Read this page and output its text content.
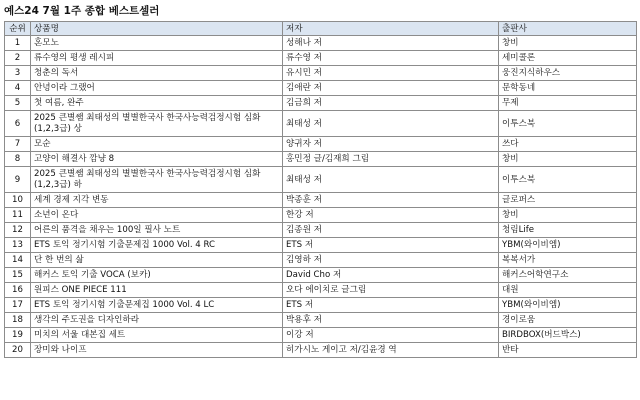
예스24 7월 1주 종합 베스트셀러
순위	상품명	저자	출판사
1	혼모노	성해나 저	창비
2	류수영의 평생 레시피	류수영 저	세미콜론
3	청춘의 독서	유시민 저	웅진지식하우스
4	안녕이라 그랬어	김애란 저	문학동네
5	첫 여름, 완주	김금희 저	무제
6	2025 큰별쌤 최태성의 별별한국사 한국사능력검정시험 심화(1,2,3급) 상	최태성 저	이투스북
7	모순	양귀자 저	쓰다
8	고양이 해결사 깜냥 8	홍민정 글/김재희 그림	창비
9	2025 큰별쌤 최태성의 별별한국사 한국사능력검정시험 심화(1,2,3급) 하	최태성 저	이투스북
10	세계 경제 지각 변동	박종훈 저	글로퍼스
11	소년이 온다	한강 저	창비
12	어른의 품격을 채우는 100일 필사 노트	김종원 저	청림Life
13	ETS 토익 정기시험 기출문제집 1000 Vol. 4 RC	ETS 저	YBM(와이비엠)
14	단 한 번의 삶	김영하 저	복복서가
15	해커스 토익 기출 VOCA (보카)	David Cho 저	해커스어학연구소
16	원피스 ONE PIECE 111	오다 에이치로 글그림	대원
17	ETS 토익 정기시험 기출문제집 1000 Vol. 4 LC	ETS 저	YBM(와이비엠)
18	생각의 주도권을 디자인하라	박용후 저	경이로움
19	미치의 서울 대본집 세트	이강 저	BIRDBOX(버드박스)
20	장미와 나이프	히가시노 게이고 저/김윤경 역	반타
